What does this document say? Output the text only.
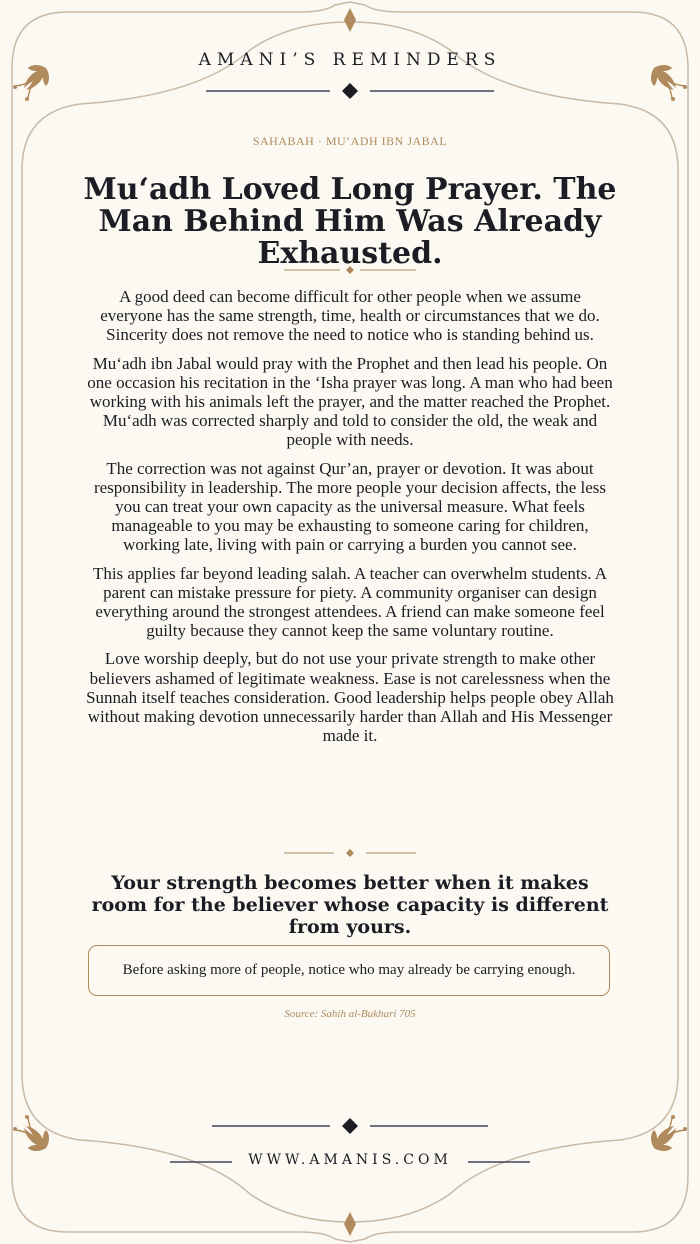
AMANI’S REMINDERS
SAHABAH · MU‘ADH IBN JABAL
Mu‘adh Loved Long Prayer. The Man Behind Him Was Already Exhausted.

A good deed can become difficult for other people when we assume everyone has the same strength, time, health or circumstances that we do. Sincerity does not remove the need to notice who is standing behind us.

Mu‘adh ibn Jabal would pray with the Prophet and then lead his people. On one occasion his recitation in the ‘Isha prayer was long. A man who had been working with his animals left the prayer, and the matter reached the Prophet. Mu‘adh was corrected sharply and told to consider the old, the weak and people with needs.

The correction was not against Qur’an, prayer or devotion. It was about responsibility in leadership. The more people your decision affects, the less you can treat your own capacity as the universal measure. What feels manageable to you may be exhausting to someone caring for children, working late, living with pain or carrying a burden you cannot see.

This applies far beyond leading salah. A teacher can overwhelm students. A parent can mistake pressure for piety. A community organiser can design everything around the strongest attendees. A friend can make someone feel guilty because they cannot keep the same voluntary routine.

Love worship deeply, but do not use your private strength to make other believers ashamed of legitimate weakness. Ease is not carelessness when the Sunnah itself teaches consideration. Good leadership helps people obey Allah without making devotion unnecessarily harder than Allah and His Messenger made it.

Your strength becomes better when it makes room for the believer whose capacity is different from yours.

Before asking more of people, notice who may already be carrying enough.
Source: Sahih al-Bukhari 705
WWW.AMANIS.COM
